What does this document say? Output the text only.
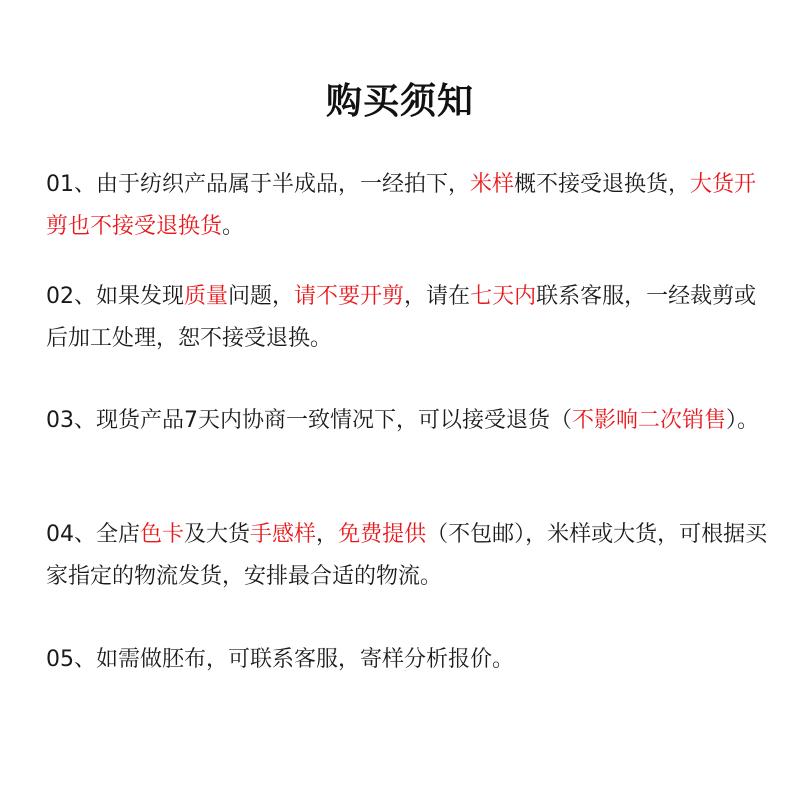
购买须知
01、由于纺织产品属于半成品，一经拍下，米样概不接受退换货，大货开剪也不接受退换货。
02、如果发现质量问题，请不要开剪，请在七天内联系客服，一经裁剪或后加工处理，恕不接受退换。
03、现货产品7天内协商一致情况下，可以接受退货（不影响二次销售）。
04、全店色卡及大货手感样，免费提供（不包邮），米样或大货，可根据买家指定的物流发货，安排最合适的物流。
05、如需做胚布，可联系客服，寄样分析报价。
